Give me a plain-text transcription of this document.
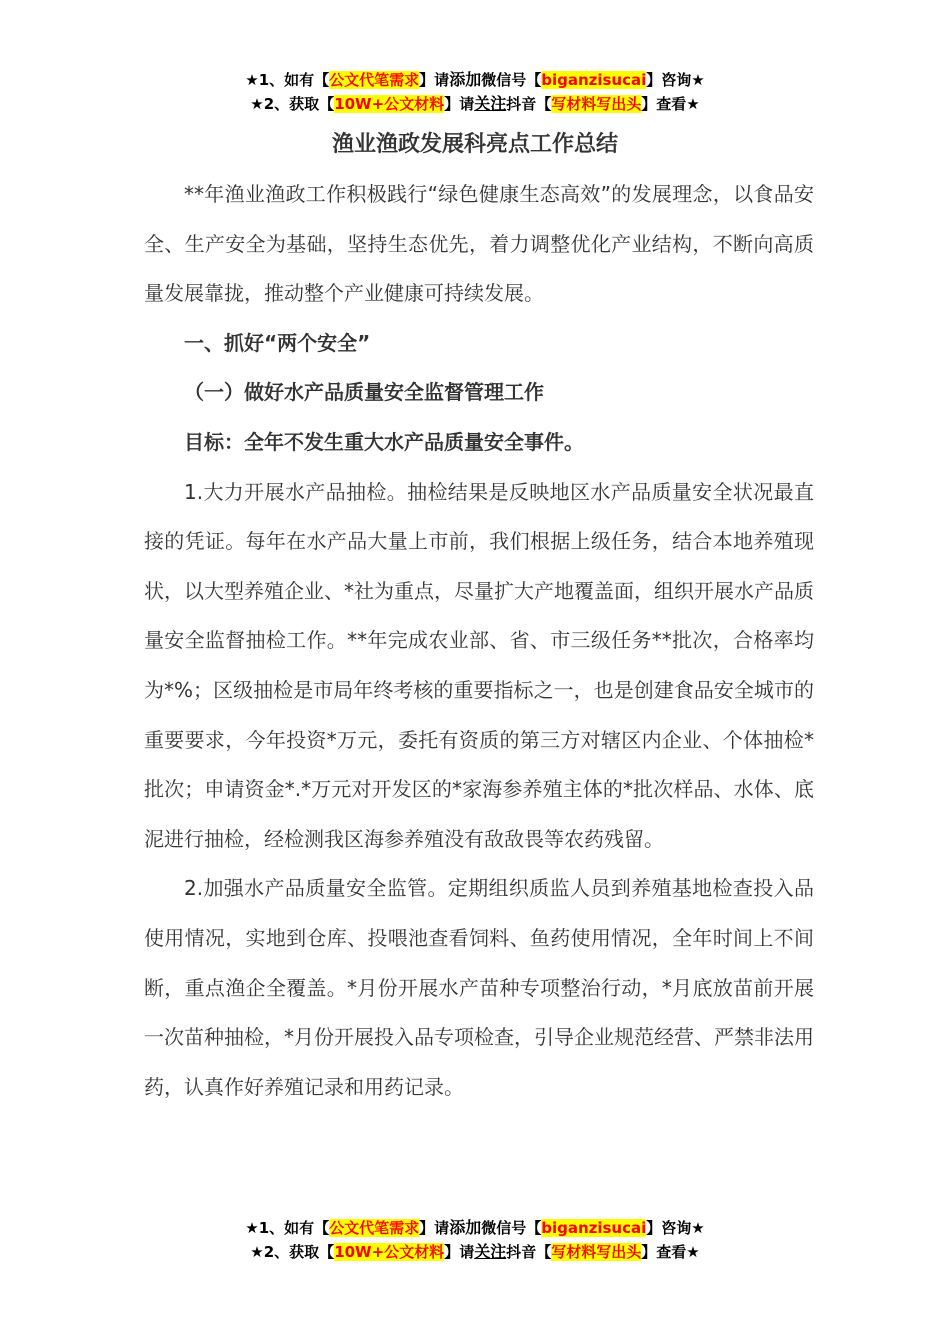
★1、如有【公文代笔需求】请添加微信号【biganzisucai】咨询★
★2、获取【10W+公文材料】请关注抖音【写材料写出头】查看★
渔业渔政发展科亮点工作总结

**年渔业渔政工作积极践行“绿色健康生态高效”的发展理念，以食品安全、生产安全为基础，坚持生态优先，着力调整优化产业结构，不断向高质量发展靠拢，推动整个产业健康可持续发展。

一、抓好“两个安全”

（一）做好水产品质量安全监督管理工作

目标：全年不发生重大水产品质量安全事件。

1.大力开展水产品抽检。抽检结果是反映地区水产品质量安全状况最直接的凭证。每年在水产品大量上市前，我们根据上级任务，结合本地养殖现状，以大型养殖企业、*社为重点，尽量扩大产地覆盖面，组织开展水产品质量安全监督抽检工作。**年完成农业部、省、市三级任务**批次，合格率均为*%；区级抽检是市局年终考核的重要指标之一，也是创建食品安全城市的重要要求，今年投资*万元，委托有资质的第三方对辖区内企业、个体抽检*批次；申请资金*.*万元对开发区的*家海参养殖主体的*批次样品、水体、底泥进行抽检，经检测我区海参养殖没有敌敌畏等农药残留。

2.加强水产品质量安全监管。定期组织质监人员到养殖基地检查投入品使用情况，实地到仓库、投喂池查看饲料、鱼药使用情况，全年时间上不间断，重点渔企全覆盖。*月份开展水产苗种专项整治行动，*月底放苗前开展一次苗种抽检，*月份开展投入品专项检查，引导企业规范经营、严禁非法用药，认真作好养殖记录和用药记录。

★1、如有【公文代笔需求】请添加微信号【biganzisucai】咨询★
★2、获取【10W+公文材料】请关注抖音【写材料写出头】查看★
